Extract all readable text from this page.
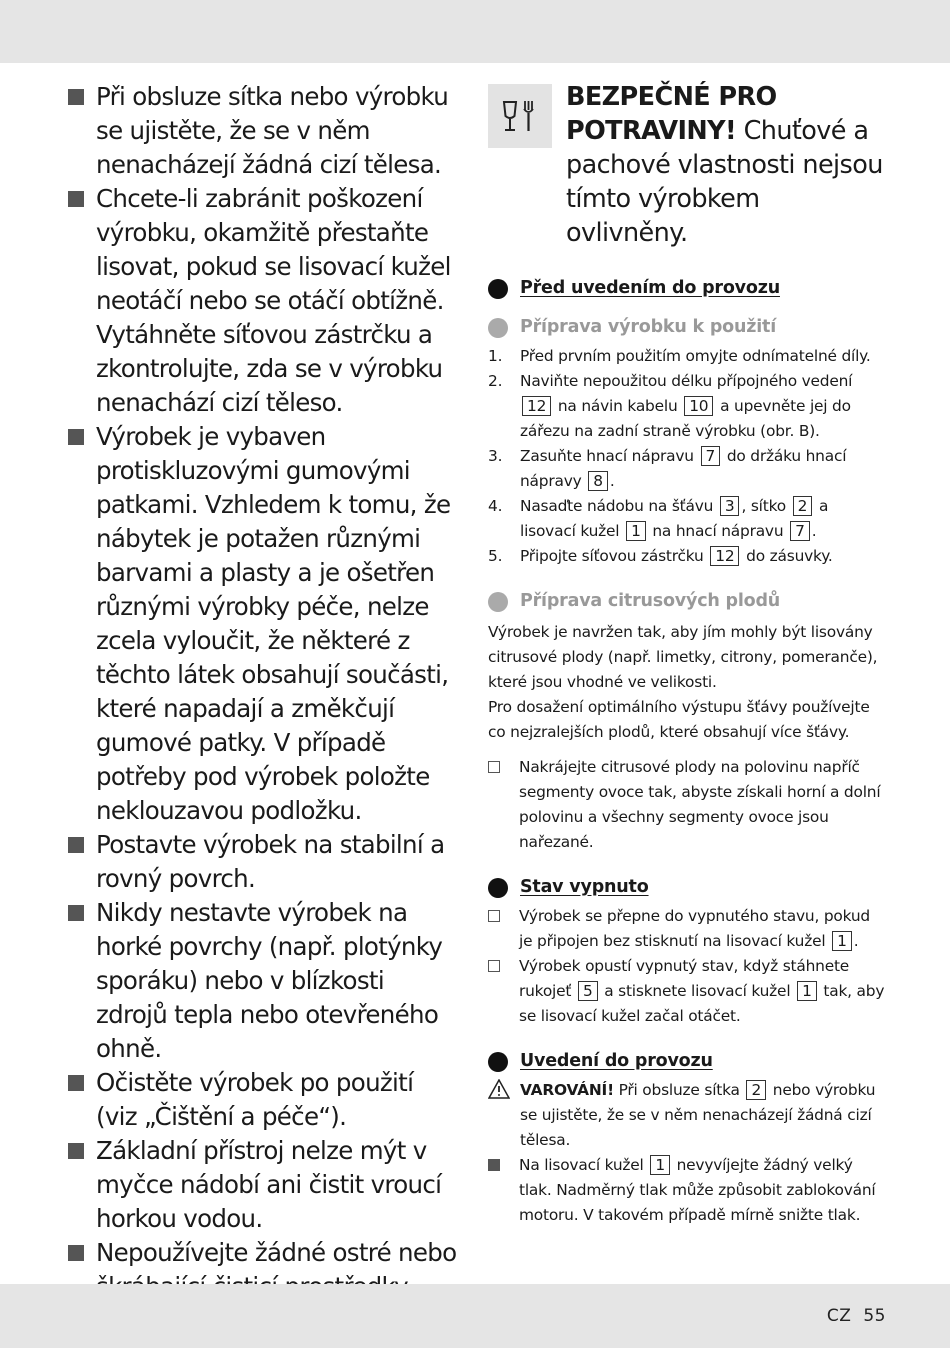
Při obsluze sítka nebo výrobku se ujistěte, že se v něm nenacházejí žádná cizí tělesa.
Chcete-li zabránit poškození výrobku, okamžitě přestaňte lisovat, pokud se lisovací kužel neotáčí nebo se otáčí obtížně. Vytáhněte síťovou zástrčku a zkontrolujte, zda se v výrobku nenachází cizí těleso.
Výrobek je vybaven protiskluzovými gumovými patkami. Vzhledem k tomu, že nábytek je potažen různými barvami a plasty a je ošetřen různými výrobky péče, nelze zcela vyloučit, že některé z těchto látek obsahují součásti, které napadají a změkčují gumové patky. V případě potřeby pod výrobek položte neklouzavou podložku.
Postavte výrobek na stabilní a rovný povrch.
Nikdy nestavte výrobek na horké povrchy (např. plotýnky sporáku) nebo v blízkosti zdrojů tepla nebo otevřeného ohně.
Očistěte výrobek po použití (viz „Čištění a péče“).
Základní přístroj nelze mýt v myčce nádobí ani čistit vroucí horkou vodou.
Nepoužívejte žádné ostré nebo
BEZPEČNÉ PRO POTRAVINY! Chuťové a pachové vlastnosti nejsou tímto výrobkem ovlivněny.
Před uvedením do provozu
Příprava výrobku k použití
1.	Před prvním použitím omyjte odnímatelné díly.
2.	Naviňte nepoužitou délku přípojného vedení 12 na návin kabelu 10 a upevněte jej do zářezu na zadní straně výrobku (obr. B).
3.	Zasuňte hnací nápravu 7 do držáku hnací nápravy 8 .
4.	Nasaďte nádobu na šťávu 3 , sítko 2 a lisovací kužel 1 na hnací nápravu 7 .
5.	Připojte síťovou zástrčku 12 do zásuvky.
Příprava citrusových plodů
Výrobek je navržen tak, aby jím mohly být lisovány citrusové plody (např. limetky, citrony, pomeranče), které jsou vhodné ve velikosti.
Pro dosažení optimálního výstupu šťávy používejte co nejzralejších plodů, které obsahují více šťávy.
Nakrájejte citrusové plody na polovinu napříč segmenty ovoce tak, abyste získali horní a dolní polovinu a všechny segmenty ovoce jsou nařezané.
Stav vypnuto
Výrobek se přepne do vypnutého stavu, pokud je připojen bez stisknutí na lisovací kužel 1 .
Výrobek opustí vypnutý stav, když stáhnete rukojeť 5 a stisknete lisovací kužel 1 tak, aby se lisovací kužel začal otáčet.
Uvedení do provozu
VAROVÁNÍ! Při obsluze sítka 2 nebo výrobku se ujistěte, že se v něm nenacházejí žádná cizí tělesa.
Na lisovací kužel 1 nevyvíjejte žádný velký tlak. Nadměrný tlak může způsobit zablokování motoru. V takovém případě mírně snižte tlak.
CZ 55
